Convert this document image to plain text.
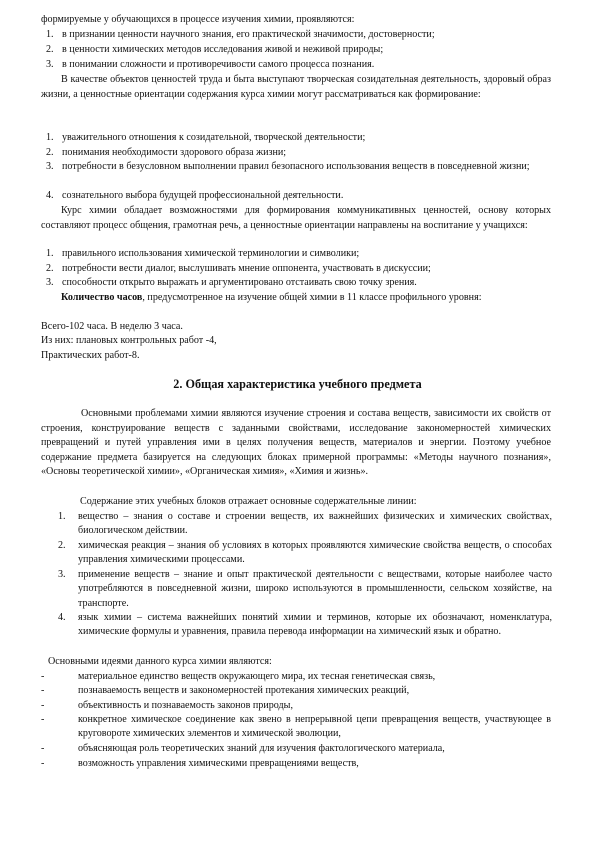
формируемые у обучающихся в процессе изучения химии, проявляются:
1. в признании ценности научного знания, его практической значимости, достоверности;
2. в ценности химических методов исследования живой и неживой природы;
3. в понимании сложности и противоречивости самого процесса познания.
В качестве объектов ценностей труда и быта выступают творческая созидательная деятельность, здоровый образ жизни, а ценностные ориентации содержания курса химии могут рассматриваться как формирование:
1. уважительного отношения к созидательной, творческой деятельности;
2. понимания необходимости здорового образа жизни;
3. потребности в безусловном выполнении правил безопасного использования веществ в повседневной жизни;
4. сознательного выбора будущей профессиональной деятельности.
Курс химии обладает возможностями для формирования коммуникативных ценностей, основу которых составляют процесс общения, грамотная речь, а ценностные ориентации направлены на воспитание у учащихся:
1. правильного использования химической терминологии и символики;
2. потребности вести диалог, выслушивать мнение оппонента, участвовать в дискуссии;
3. способности открыто выражать и аргументировано отстаивать свою точку зрения.
Количество часов, предусмотренное на изучение общей химии в 11 классе профильного уровня:
Всего-102 часа. В неделю 3 часа.
Из них: плановых контрольных работ -4,
Практических работ-8.
2. Общая характеристика учебного предмета
Основными проблемами химии являются изучение строения и состава веществ, зависимости их свойств от строения, конструирование веществ с заданными свойствами, исследование закономерностей химических превращений и путей управления ими в целях получения веществ, материалов и энергии. Поэтому учебное содержание предмета базируется на следующих блоках примерной программы: «Методы научного познания», «Основы теоретической химии», «Органическая химия», «Химия и жизнь».
Содержание этих учебных блоков отражает основные содержательные линии:
1. вещество – знания о составе и строении веществ, их важнейших физических и химических свойствах, биологическом действии.
2. химическая реакция – знания об условиях в которых проявляются химические свойства веществ, о способах управления химическими процессами.
3. применение веществ – знание и опыт практической деятельности с веществами, которые наиболее часто употребляются в повседневной жизни, широко используются в промышленности, сельском хозяйстве, на транспорте.
4. язык химии – система важнейших понятий химии и терминов, которые их обозначают, номенклатура, химические формулы и уравнения, правила перевода информации на химический язык и обратно.
Основными идеями данного курса химии являются:
-	материальное единство веществ окружающего мира, их тесная генетическая связь,
-	познаваемость веществ и закономерностей протекания химических реакций,
-	объективность и познаваемость законов природы,
-	конкретное химическое соединение как звено в непрерывной цепи превращения веществ, участвующее в круговороте химических элементов и химической эволюции,
-	объясняющая роль теоретических знаний для изучения фактологического материала,
-	возможность управления химическими превращениями веществ,
